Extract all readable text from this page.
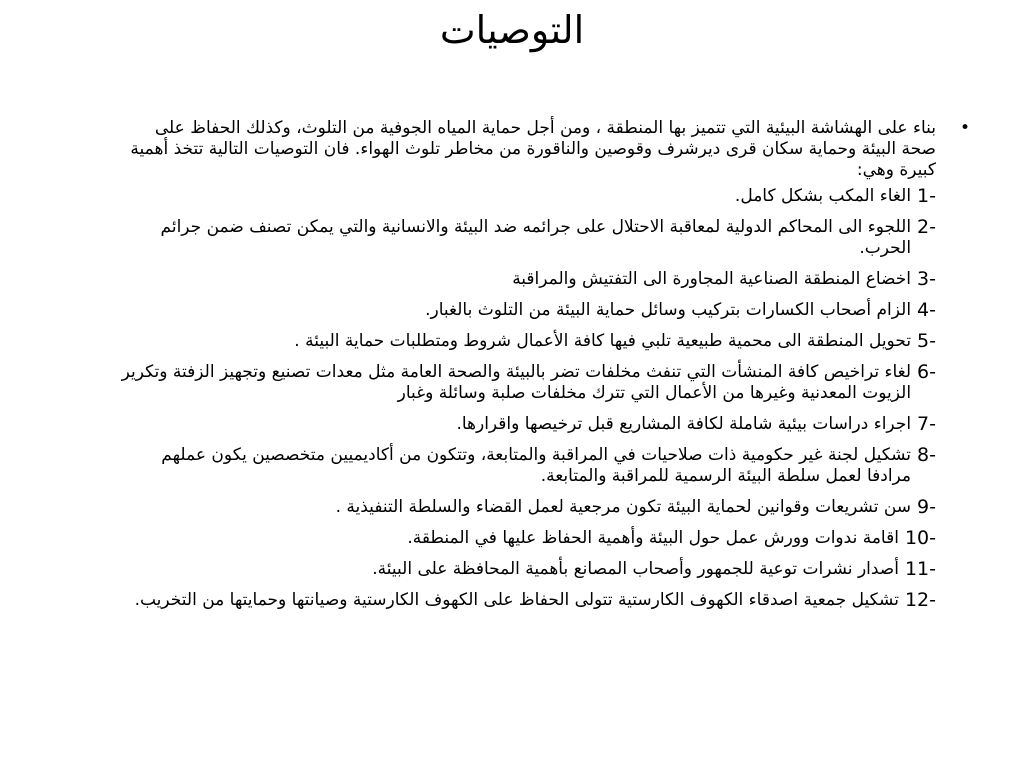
التوصيات

•
بناء على الهشاشة البيئية التي تتميز بها المنطقة ، ومن أجل حماية المياه الجوفية من التلوث، وكذلك الحفاظ على صحة البيئة وحماية سكان قرى ديرشرف وقوصين والناقورة من مخاطر تلوث الهواء. فان التوصيات التالية تتخذ أهمية كبيرة وهي:

1-
الغاء المكب بشكل كامل.
2-
اللجوء الى المحاكم الدولية لمعاقبة الاحتلال على جرائمه ضد البيئة والانسانية والتي يمكن تصنف ضمن جرائم الحرب.
3-
اخضاع المنطقة الصناعية المجاورة الى التفتيش والمراقبة
4-
الزام أصحاب الكسارات بتركيب وسائل حماية البيئة من التلوث بالغبار.
5-
تحويل المنطقة الى محمية طبيعية تلبي فيها كافة الأعمال شروط ومتطلبات حماية البيئة .
6-
لغاء تراخيص كافة المنشأت التي تنفث مخلفات تضر بالبيئة والصحة العامة مثل معدات تصنيع وتجهيز الزفتة وتكرير الزيوت المعدنية وغيرها من الأعمال التي تترك مخلفات صلبة وسائلة وغبار
7-
اجراء دراسات بيئية شاملة لكافة المشاريع قبل ترخيصها واقرارها.
8-
تشكيل لجنة غير حكومية ذات صلاحيات في المراقبة والمتابعة، وتتكون من أكاديميين متخصصين يكون عملهم مرادفا لعمل سلطة البيئة الرسمية للمراقبة والمتابعة.
9-
سن تشريعات وقوانين لحماية البيئة تكون مرجعية لعمل القضاء والسلطة التنفيذية .
10-
اقامة ندوات وورش عمل حول البيئة وأهمية الحفاظ عليها في المنطقة.
11-
أصدار نشرات توعية للجمهور وأصحاب المصانع بأهمية المحافظة على البيئة.
12-
تشكيل جمعية اصدقاء الكهوف الكارستية تتولى الحفاظ على الكهوف الكارستية وصيانتها وحمايتها من التخريب.
